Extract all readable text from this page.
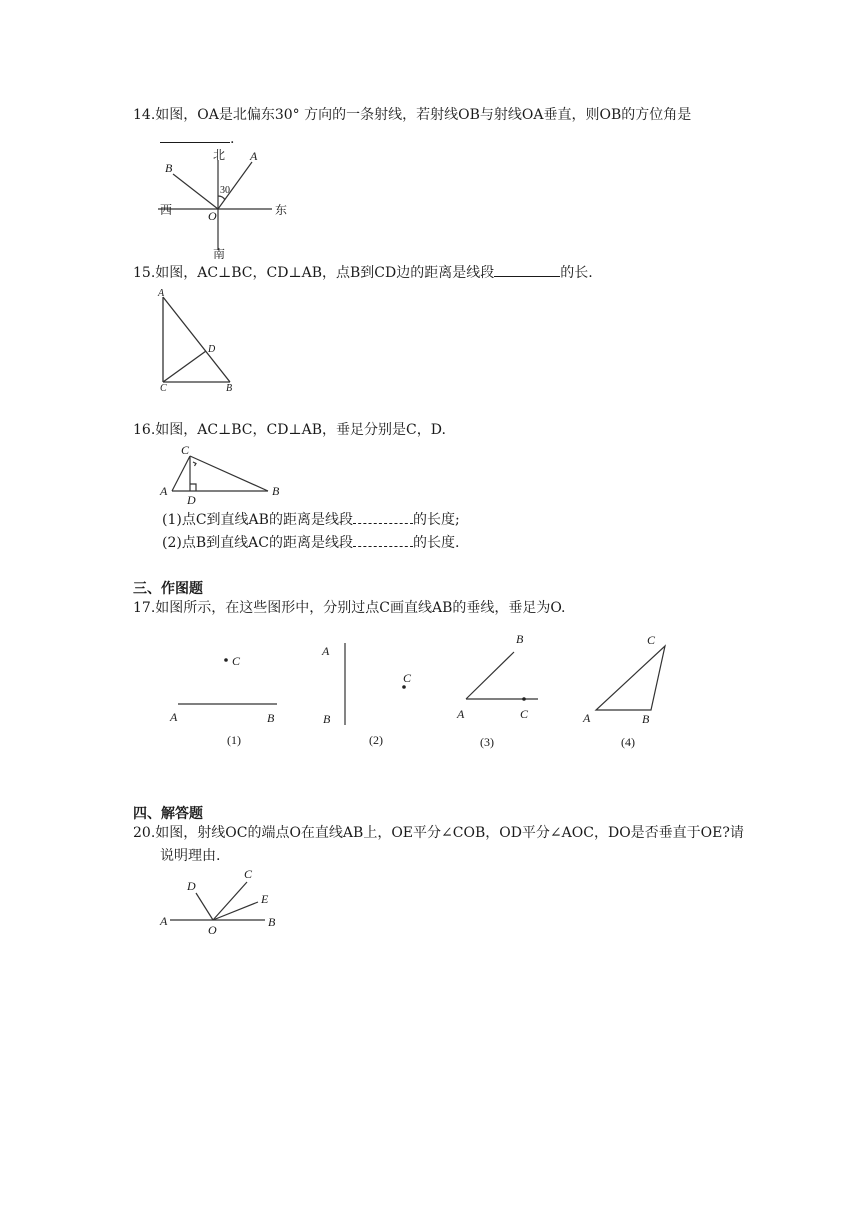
14.如图，OA是北偏东30° 方向的一条射线，若射线OB与射线OA垂直，则OB的方位角是
.
北
南
东
西
A
B
O
30
15.如图，AC⊥BC，CD⊥AB，点B到CD边的距离是线段	的长.
A
B
C
D
16.如图，AC⊥BC，CD⊥AB，垂足分别是C，D.
C
A	B
D
(1)点C到直线AB的距离是线段	的长度;
(2)点B到直线AC的距离是线段	的长度.
三、作图题
17.如图所示，在这些图形中，分别过点C画直线AB的垂线，垂足为O.
C
A	B
(1)
C
A
B
(2)
B
A	C
(3)
C
A	B
(4)
四、解答题
20.如图，射线OC的端点O在直线AB上，OE平分∠COB，OD平分∠AOC，DO是否垂直于OE?请
说明理由.
A	B
C
D
E
O
